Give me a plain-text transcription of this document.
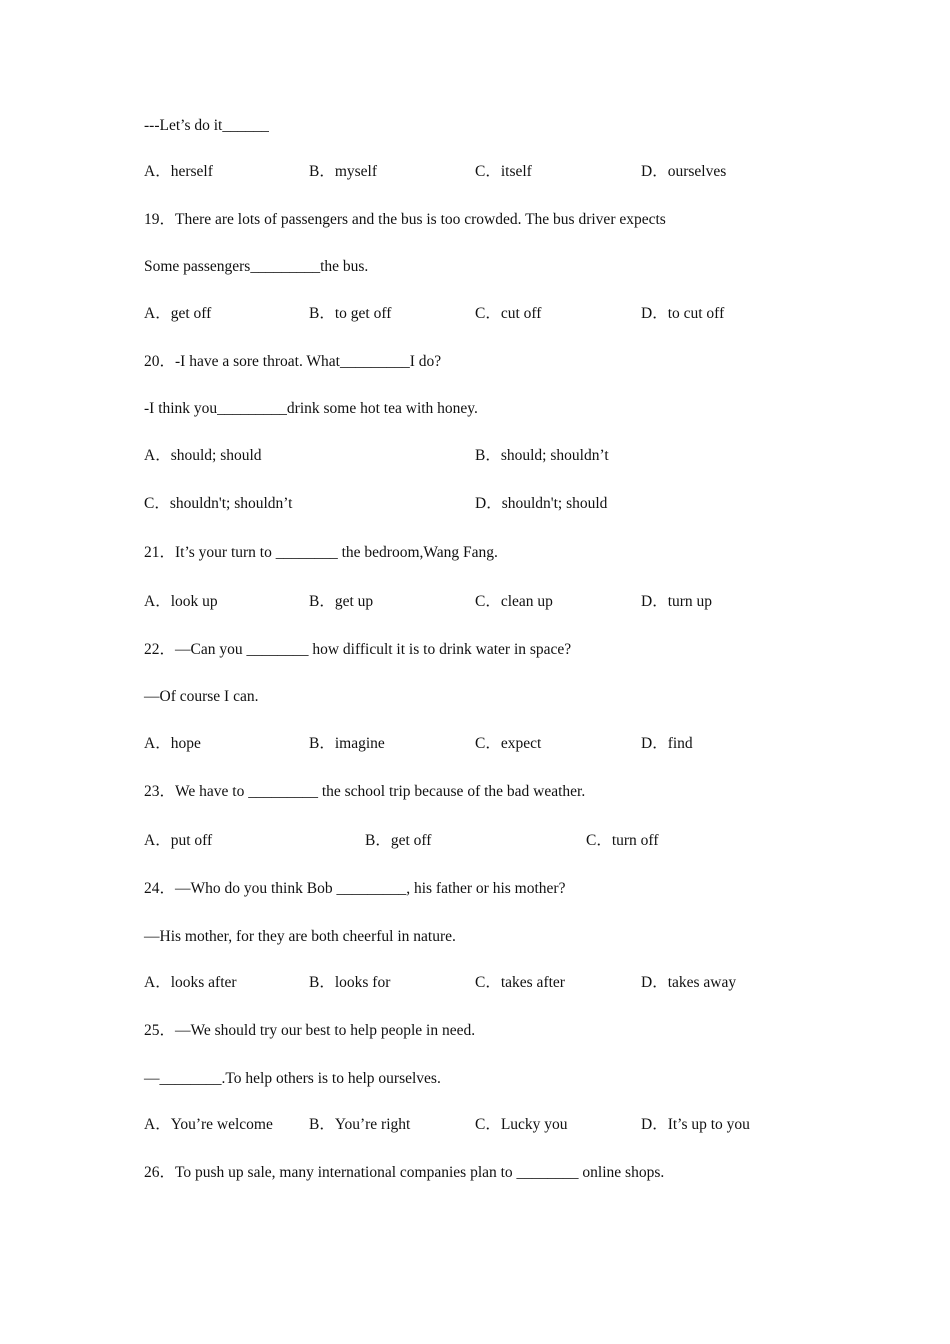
---Let’s do it______
A．herself	B．myself	C．itself	D．ourselves
19．There are lots of passengers and the bus is too crowded. The bus driver expects
Some passengers_________the bus.
A．get off	B．to get off	C．cut off	D．to cut off
20．-I have a sore throat. What_________I do?
-I think you_________drink some hot tea with honey.
A．should; should	B．should; shouldn’t
C．shouldn't; shouldn’t	D．shouldn't; should
21．It’s your turn to ________ the bedroom,Wang Fang.
A．look up	B．get up	C．clean up	D．turn up
22．—Can you ________ how difficult it is to drink water in space?
—Of course I can.
A．hope	B．imagine	C．expect	D．find
23．We have to _________ the school trip because of the bad weather.
A．put off	B．get off	C．turn off
24．—Who do you think Bob _________, his father or his mother?
—His mother, for they are both cheerful in nature.
A．looks after	B．looks for	C．takes after	D．takes away
25．—We should try our best to help people in need.
—________.To help others is to help ourselves.
A．You’re welcome B．You’re right	C．Lucky you	D．It’s up to you
26．To push up sale, many international companies plan to ________ online shops.
